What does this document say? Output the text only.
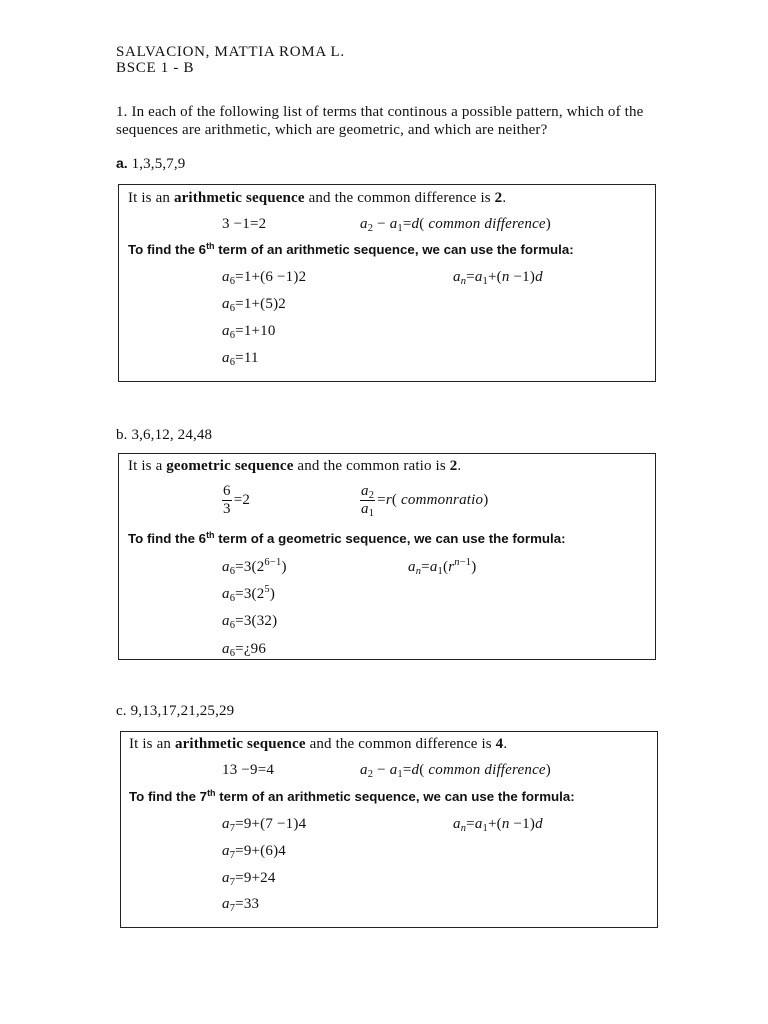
SALVACION, MATTIA ROMA L.
BSCE 1 - B
1. In each of the following list of terms that continous a possible pattern, which of the sequences are arithmetic, which are geometric, and which are neither?
a. 1,3,5,7,9
It is an arithmetic sequence and the common difference is 2.
3 −1=2	$a_2 - a_1=d$( common difference)
To find the 6th term of an arithmetic sequence, we can use the formula:
$a_n=a_1+(n -1)d$
$a_6=1+(6 -1)2$
$a_6=1+(5)2$
$a_6=1+10$
$a_6=11$
b. 3,6,12, 24,48
It is a geometric sequence and the common ratio is 2.
$\frac{6}{3} =2$	$\frac{a_2}{a_1} = r$ ( commonratio )
To find the 6th term of a geometric sequence, we can use the formula:
$a_n=a_1(r^{n-1})$
$a_6=3(2^{6-1})$
$a_6=3(2^5)$
$a_6=3(32)$
$a_6=¿96$
c. 9,13,17,21,25,29
It is an arithmetic sequence and the common difference is 4.
13 −9=4	$a_2 - a_1=d$( common difference)
To find the 7th term of an arithmetic sequence, we can use the formula:
$a_n=a_1+(n -1)d$
$a_7=9+(7 -1)4$
$a_7=9+(6)4$
$a_7=9+24$
$a_7=33$
